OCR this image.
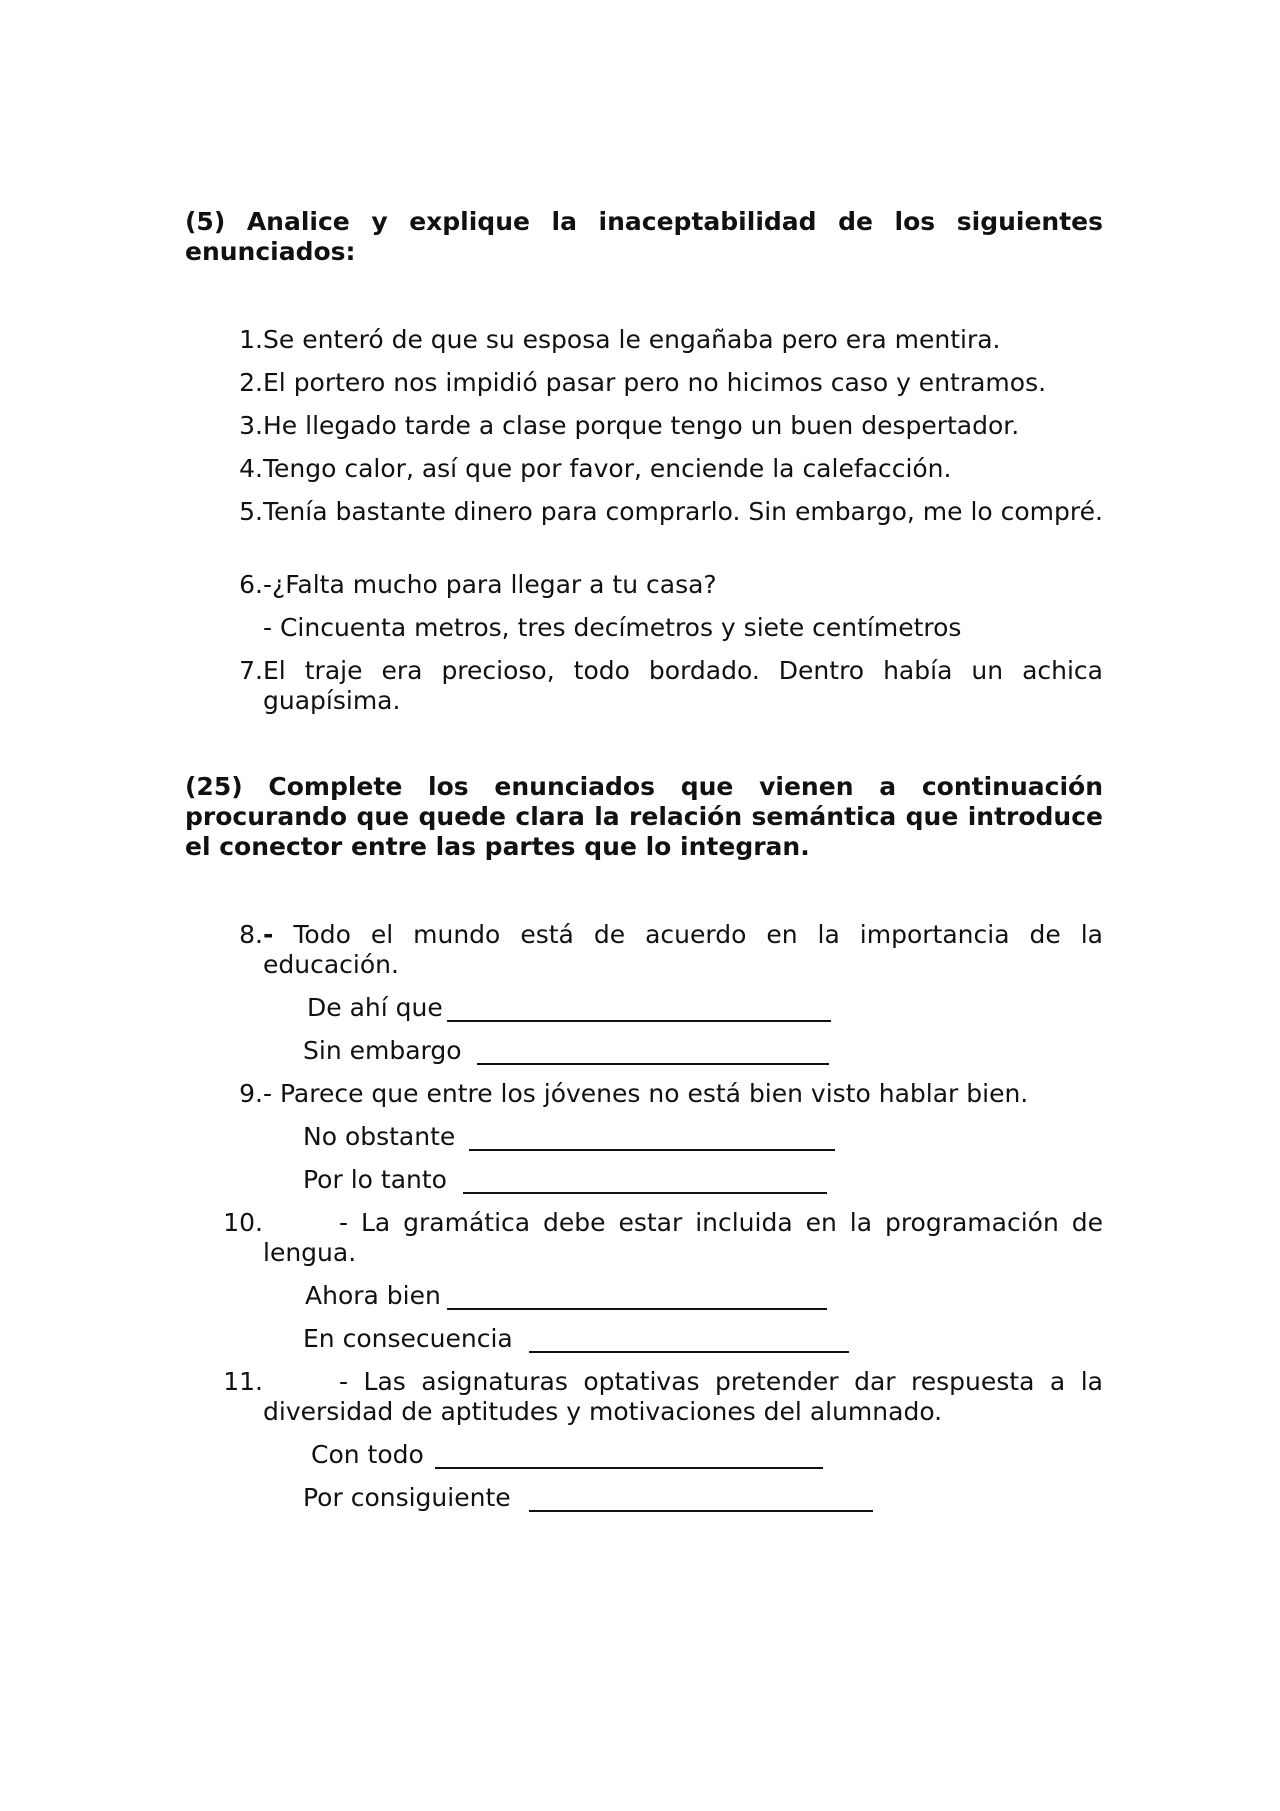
(5) Analice y explique la inaceptabilidad de los siguientes enunciados:
1. Se enteró de que su esposa le engañaba pero era mentira.
2. El portero nos impidió pasar pero no hicimos caso y entramos.
3. He llegado tarde a clase porque tengo un buen despertador.
4. Tengo calor, así que por favor, enciende la calefacción.
5. Tenía bastante dinero para comprarlo. Sin embargo, me lo compré.
6. -¿Falta mucho para llegar a tu casa?
- Cincuenta metros, tres decímetros y siete centímetros
7. El traje era precioso, todo bordado. Dentro había un achica guapísima.
(25) Complete los enunciados que vienen a continuación procurando que quede clara la relación semántica que introduce el conector entre las partes que lo integran.
8. - Todo el mundo está de acuerdo en la importancia de la educación.
De ahí que
Sin embargo
9. - Parece que entre los jóvenes no está bien visto hablar bien.
No obstante
Por lo tanto
10.	- La gramática debe estar incluida en la programación de lengua.
Ahora bien
En consecuencia
11.	- Las asignaturas optativas pretender dar respuesta a la diversidad de aptitudes y motivaciones del alumnado.
Con todo
Por consiguiente
